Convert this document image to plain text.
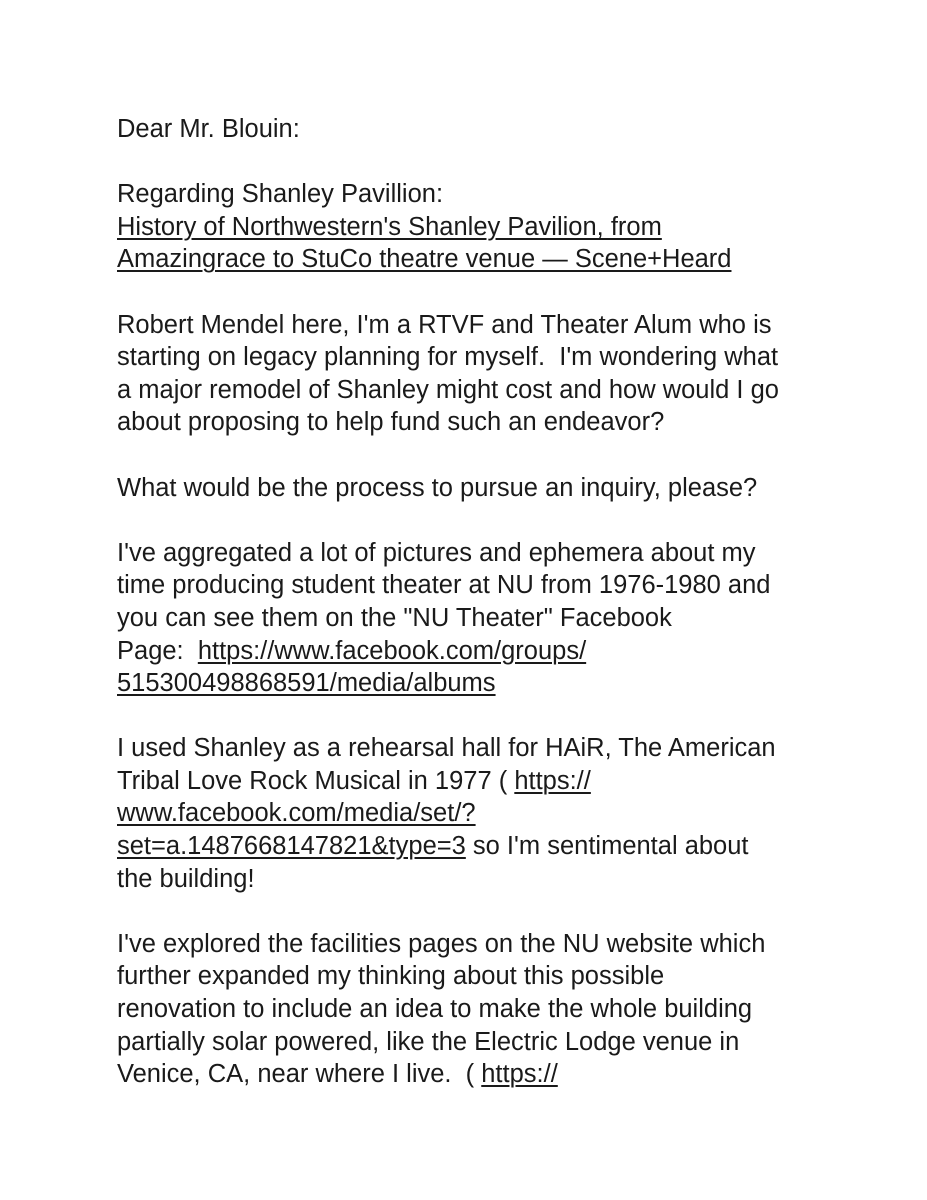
Dear Mr. Blouin:
Regarding Shanley Pavillion:
History of Northwestern's Shanley Pavilion, from
Amazingrace to StuCo theatre venue — Scene+Heard
Robert Mendel here, I'm a RTVF and Theater Alum who is
starting on legacy planning for myself.  I'm wondering what
a major remodel of Shanley might cost and how would I go
about proposing to help fund such an endeavor?
What would be the process to pursue an inquiry, please?
I've aggregated a lot of pictures and ephemera about my
time producing student theater at NU from 1976-1980 and
you can see them on the "NU Theater" Facebook
Page:  https://www.facebook.com/groups/
515300498868591/media/albums
I used Shanley as a rehearsal hall for HAiR, The American
Tribal Love Rock Musical in 1977 ( https://
www.facebook.com/media/set/?
set=a.1487668147821&type=3 so I'm sentimental about
the building!
I've explored the facilities pages on the NU website which
further expanded my thinking about this possible
renovation to include an idea to make the whole building
partially solar powered, like the Electric Lodge venue in
Venice, CA, near where I live.  ( https://
